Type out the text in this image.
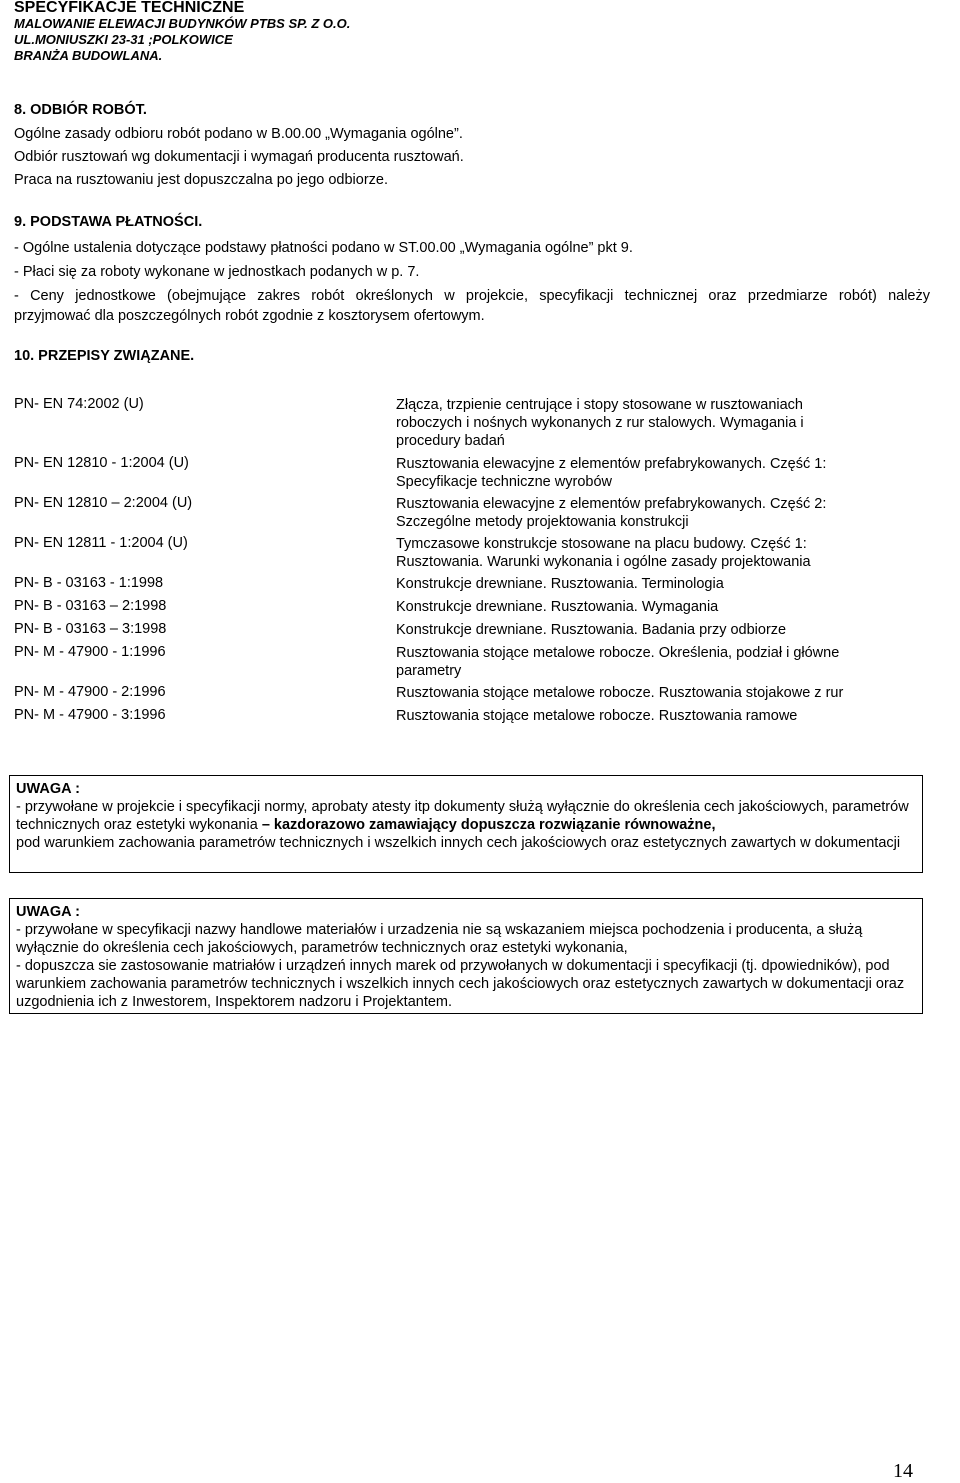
SPECYFIKACJE TECHNICZNE
MALOWANIE ELEWACJI BUDYNKÓW PTBS SP. Z O.O.
UL.MONIUSZKI 23-31 ;POLKOWICE
BRANŻA BUDOWLANA.
8. ODBIÓR ROBÓT.
Ogólne zasady odbioru robót podano w B.00.00 „Wymagania ogólne”.
Odbiór rusztowań wg dokumentacji i wymagań producenta rusztowań.
Praca na rusztowaniu jest dopuszczalna po jego odbiorze.
9. PODSTAWA PŁATNOŚCI.
- Ogólne ustalenia dotyczące podstawy płatności podano w ST.00.00 „Wymagania ogólne” pkt 9.
- Płaci się za roboty wykonane w jednostkach podanych w p. 7.
- Ceny jednostkowe (obejmujące zakres robót określonych w projekcie, specyfikacji technicznej oraz przedmiarze robót) należy
przyjmować dla poszczególnych robót zgodnie z kosztorysem ofertowym.
10. PRZEPISY ZWIĄZANE.
PN- EN 74:2002 (U)	Złącza, trzpienie centrujące i stopy stosowane w rusztowaniach roboczych i nośnych wykonanych z rur stalowych. Wymagania i procedury badań
PN- EN 12810 - 1:2004 (U)	Rusztowania elewacyjne z elementów prefabrykowanych. Część 1: Specyfikacje techniczne wyrobów
PN- EN 12810 – 2:2004 (U)	Rusztowania elewacyjne z elementów prefabrykowanych. Część 2: Szczególne metody projektowania konstrukcji
PN- EN 12811 - 1:2004 (U)	Tymczasowe konstrukcje stosowane na placu budowy. Część 1: Rusztowania. Warunki wykonania i ogólne zasady projektowania
PN- B - 03163 - 1:1998	Konstrukcje drewniane. Rusztowania. Terminologia
PN- B - 03163 – 2:1998	Konstrukcje drewniane. Rusztowania. Wymagania
PN- B - 03163 – 3:1998	Konstrukcje drewniane. Rusztowania. Badania przy odbiorze
PN- M - 47900 - 1:1996	Rusztowania stojące metalowe robocze. Określenia, podział i główne parametry
PN- M - 47900 - 2:1996	Rusztowania stojące metalowe robocze. Rusztowania stojakowe z rur
PN- M - 47900 - 3:1996	Rusztowania stojące metalowe robocze. Rusztowania ramowe
UWAGA :
- przywołane w projekcie i specyfikacji normy, aprobaty atesty itp dokumenty służą wyłącznie do określenia cech jakościowych, parametrów technicznych oraz estetyki wykonania – kazdorazowo zamawiający dopuszcza rozwiązanie równoważne,
pod warunkiem zachowania parametrów technicznych i wszelkich innych cech jakościowych oraz estetycznych zawartych w dokumentacji
UWAGA :
- przywołane w specyfikacji nazwy handlowe materiałów i urzadzenia nie są wskazaniem miejsca pochodzenia i producenta, a służą wyłącznie do określenia cech jakościowych, parametrów technicznych oraz estetyki wykonania,
- dopuszcza sie zastosowanie matriałów i urządzeń innych marek od przywołanych w dokumentacji i specyfikacji (tj. dpowiedników), pod warunkiem zachowania parametrów technicznych i wszelkich innych cech jakościowych oraz estetycznych zawartych w dokumentacji oraz uzgodnienia ich z Inwestorem, Inspektorem nadzoru i Projektantem.
14
